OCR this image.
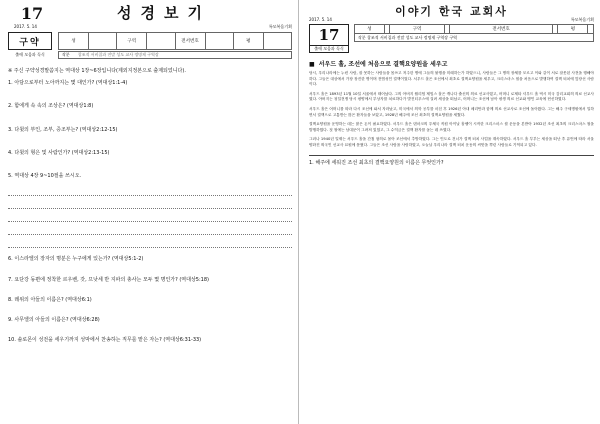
17	성경보기
2017. 5. 14	특모복음기획
구약	성		구역		전서번호		평	
출애 모음과 독식	작분 창조적 서비집과 전말 성도 교사 정명제 구역장
※ 주신 구약성경말씀지는 역대상 1장~6장입니다(제외지정본으로 출제되었니다).
1. 아담으로부터 노아까지는 몇 대인가? (역대상1:1-4)
2. 함에게 속 속의 조상은? (역대상1:8)
3. 다윗의 부인, 조부, 증조부는? (역대상2:12-15)
4. 다윗의 형은 및 사람인가? (역대상2:13-15)
5. 역대상 4장 9~10절을 쓰시오.
6. 이스라엘의 장자의 명분은 누구에게 있는가? (역대상5:1-2)
7. 요단강 동편에 정착한 르우벤, 갓, 므낫세 반 지파의 총사는 모두 몇 명인가? (역대상5:18)
8. 레위의 아들의 이름은? (역대상6:1)
9. 사무엘의 아들의 이름은? (역대상6:28)
10. 솔로몬이 성전을 세우기까지 성막에서 찬송하는 직무를 맡은 자는? (역대상6:31-33)
이야기 한국 교회사
2017. 5. 14	특모복음기획
17
출애 모음과 독식
성		구역		전서번호		평	
작분 창조적 서비집과 전말 성도 교사 정명제 구역장 구역
■ 서우드 홀, 조선에 처음으로 결핵요양원을 세우고

당시, 우리나라에는 누런 사람, 잘 못하는 사람들을 몹쓰고 저주한 병에 그들의 불행을 미때하는가 하였으니, 사람들은 그 병의 장체를 모르고 이와 같이 서로 잘못된 사전을 행해야 하다. 그들은 대상에서 가장 장진한 병이며 전염성인 결핵이었다. 서우드 홀은 조선에서 최초로 결핵요양원을 세우고, 크리스마스 씰을 처음으로 발행하여 결핵 퇴치에 앞장선 사람이다.

서우드 홀은 1893년 11월 10일 서울에서 태어났다. 그의 아버지 윌리엄 제임스 홀은 캐나다 출신의 의료 선교사였고, 어머니 로제타 셔우드 홀 역시 미국 감리교회의 의료 선교사였다. 아버지는 청일전쟁 당시 평양에서 부상자를 치료하다가 발진티푸스에 걸려 세상을 떠났고, 어머니는 조선에 남아 평생 의료 선교와 맹인 교육에 헌신하였다.

서우드 홀은 어머니를 따라 다시 조선에 와서 자라났고, 미국에서 의학 공부를 마친 후 1926년 아내 메리안과 함께 의료 선교사로 조선에 돌아왔다. 그는 해주 구세병원에서 일하면서 결핵으로 고통받는 많은 환자들을 보았고, 1928년 해주에 조선 최초의 결핵요양원을 세웠다.

결핵요양원을 운영하는 데는 많은 돈이 필요하였다. 서우드 홀은 덴마크의 우체국 직원 아이날 홀벨이 시작한 크리스마스 씰 운동을 본받아 1932년 조선 최초의 크리스마스 씰을 발행하였다. 첫 씰에는 남대문이 그려져 있었고, 그 수익금은 결핵 환자를 돕는 데 쓰였다.

그러나 1940년 일제는 서우드 홀을 간첩 혐의로 몰아 조선에서 추방하였다. 그는 인도로 건너가 결핵 퇴치 사업을 계속하였다. 서우드 홀 부부는 세상을 떠난 후 유언에 따라 서울 양화진 외국인 선교사 묘원에 묻혔다. 그들은 조선 사람을 사랑하였고, 오늘날 우리나라 결핵 퇴치 운동의 씨앗을 뿌린 사람들로 기억되고 있다.

1. 해주에 세워진 조선 최초의 결핵요양원의 이름은 무엇인가?
